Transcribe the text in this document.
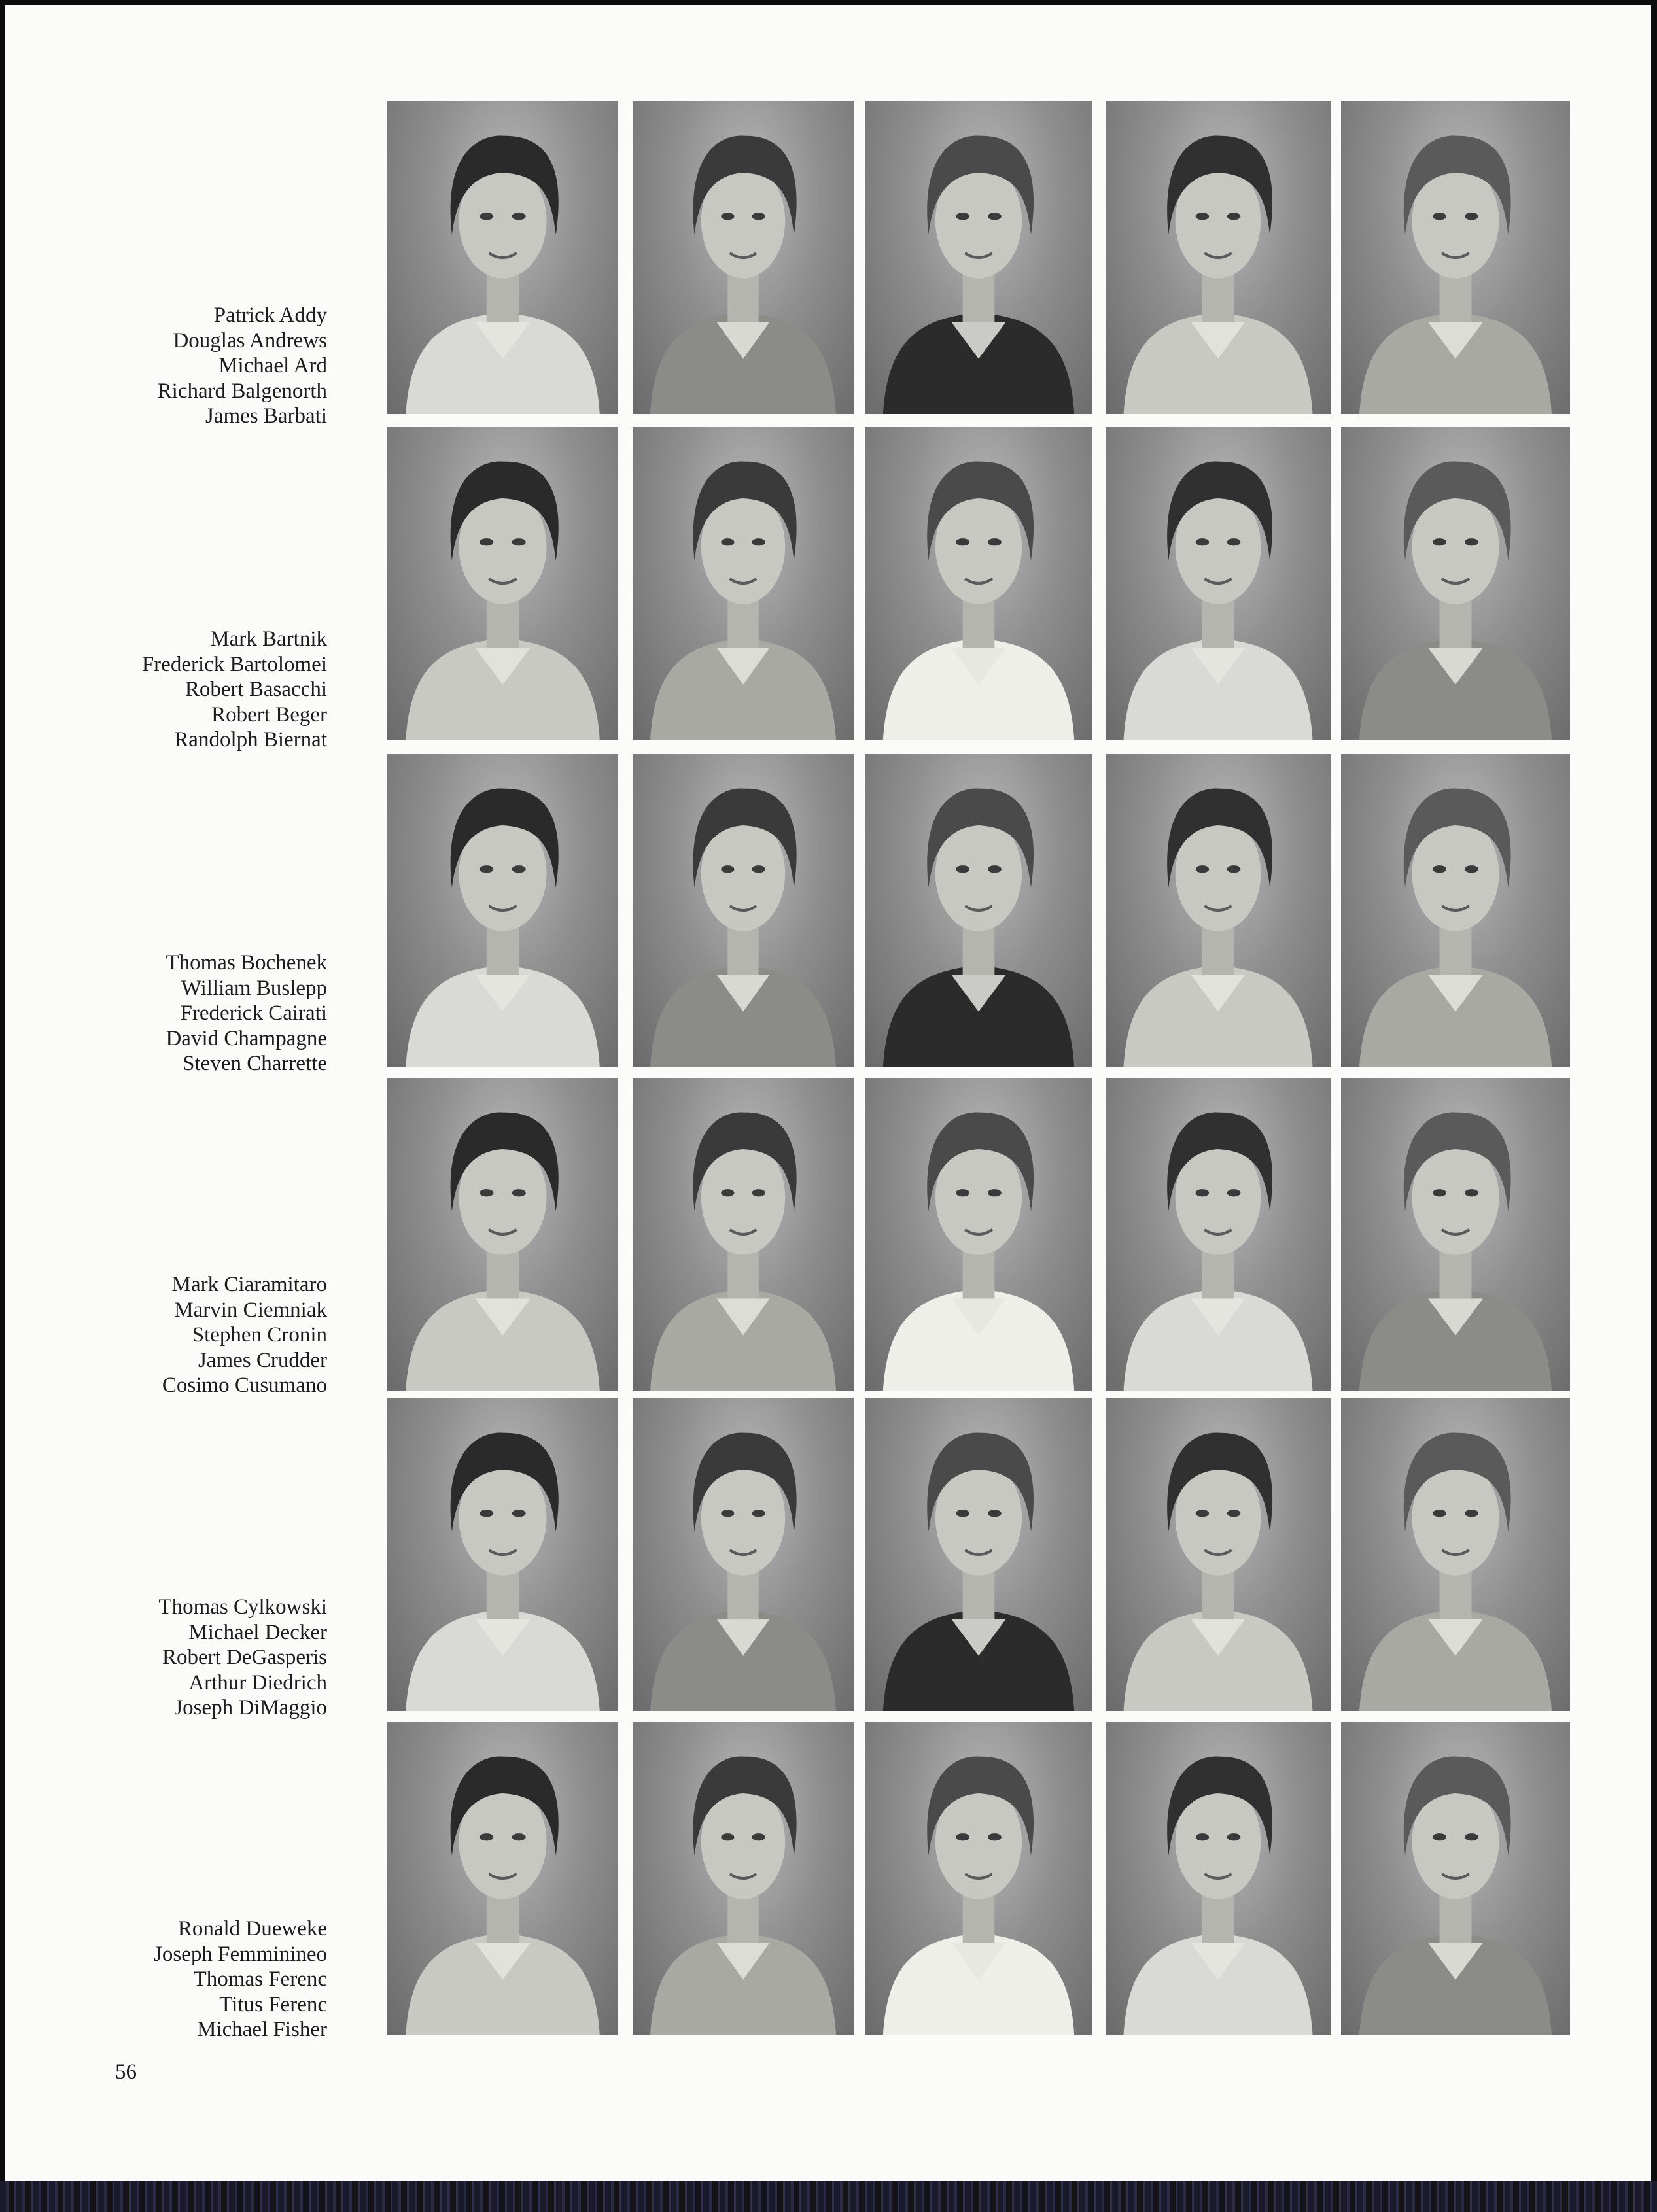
Patrick Addy
Douglas Andrews
Michael Ard
Richard Balgenorth
James Barbati
Mark Bartnik
Frederick Bartolomei
Robert Basacchi
Robert Beger
Randolph Biernat
Thomas Bochenek
William Buslepp
Frederick Cairati
David Champagne
Steven Charrette
Mark Ciaramitaro
Marvin Ciemniak
Stephen Cronin
James Crudder
Cosimo Cusumano
Thomas Cylkowski
Michael Decker
Robert DeGasperis
Arthur Diedrich
Joseph DiMaggio
Ronald Dueweke
Joseph Femminineo
Thomas Ferenc
Titus Ferenc
Michael Fisher
56
